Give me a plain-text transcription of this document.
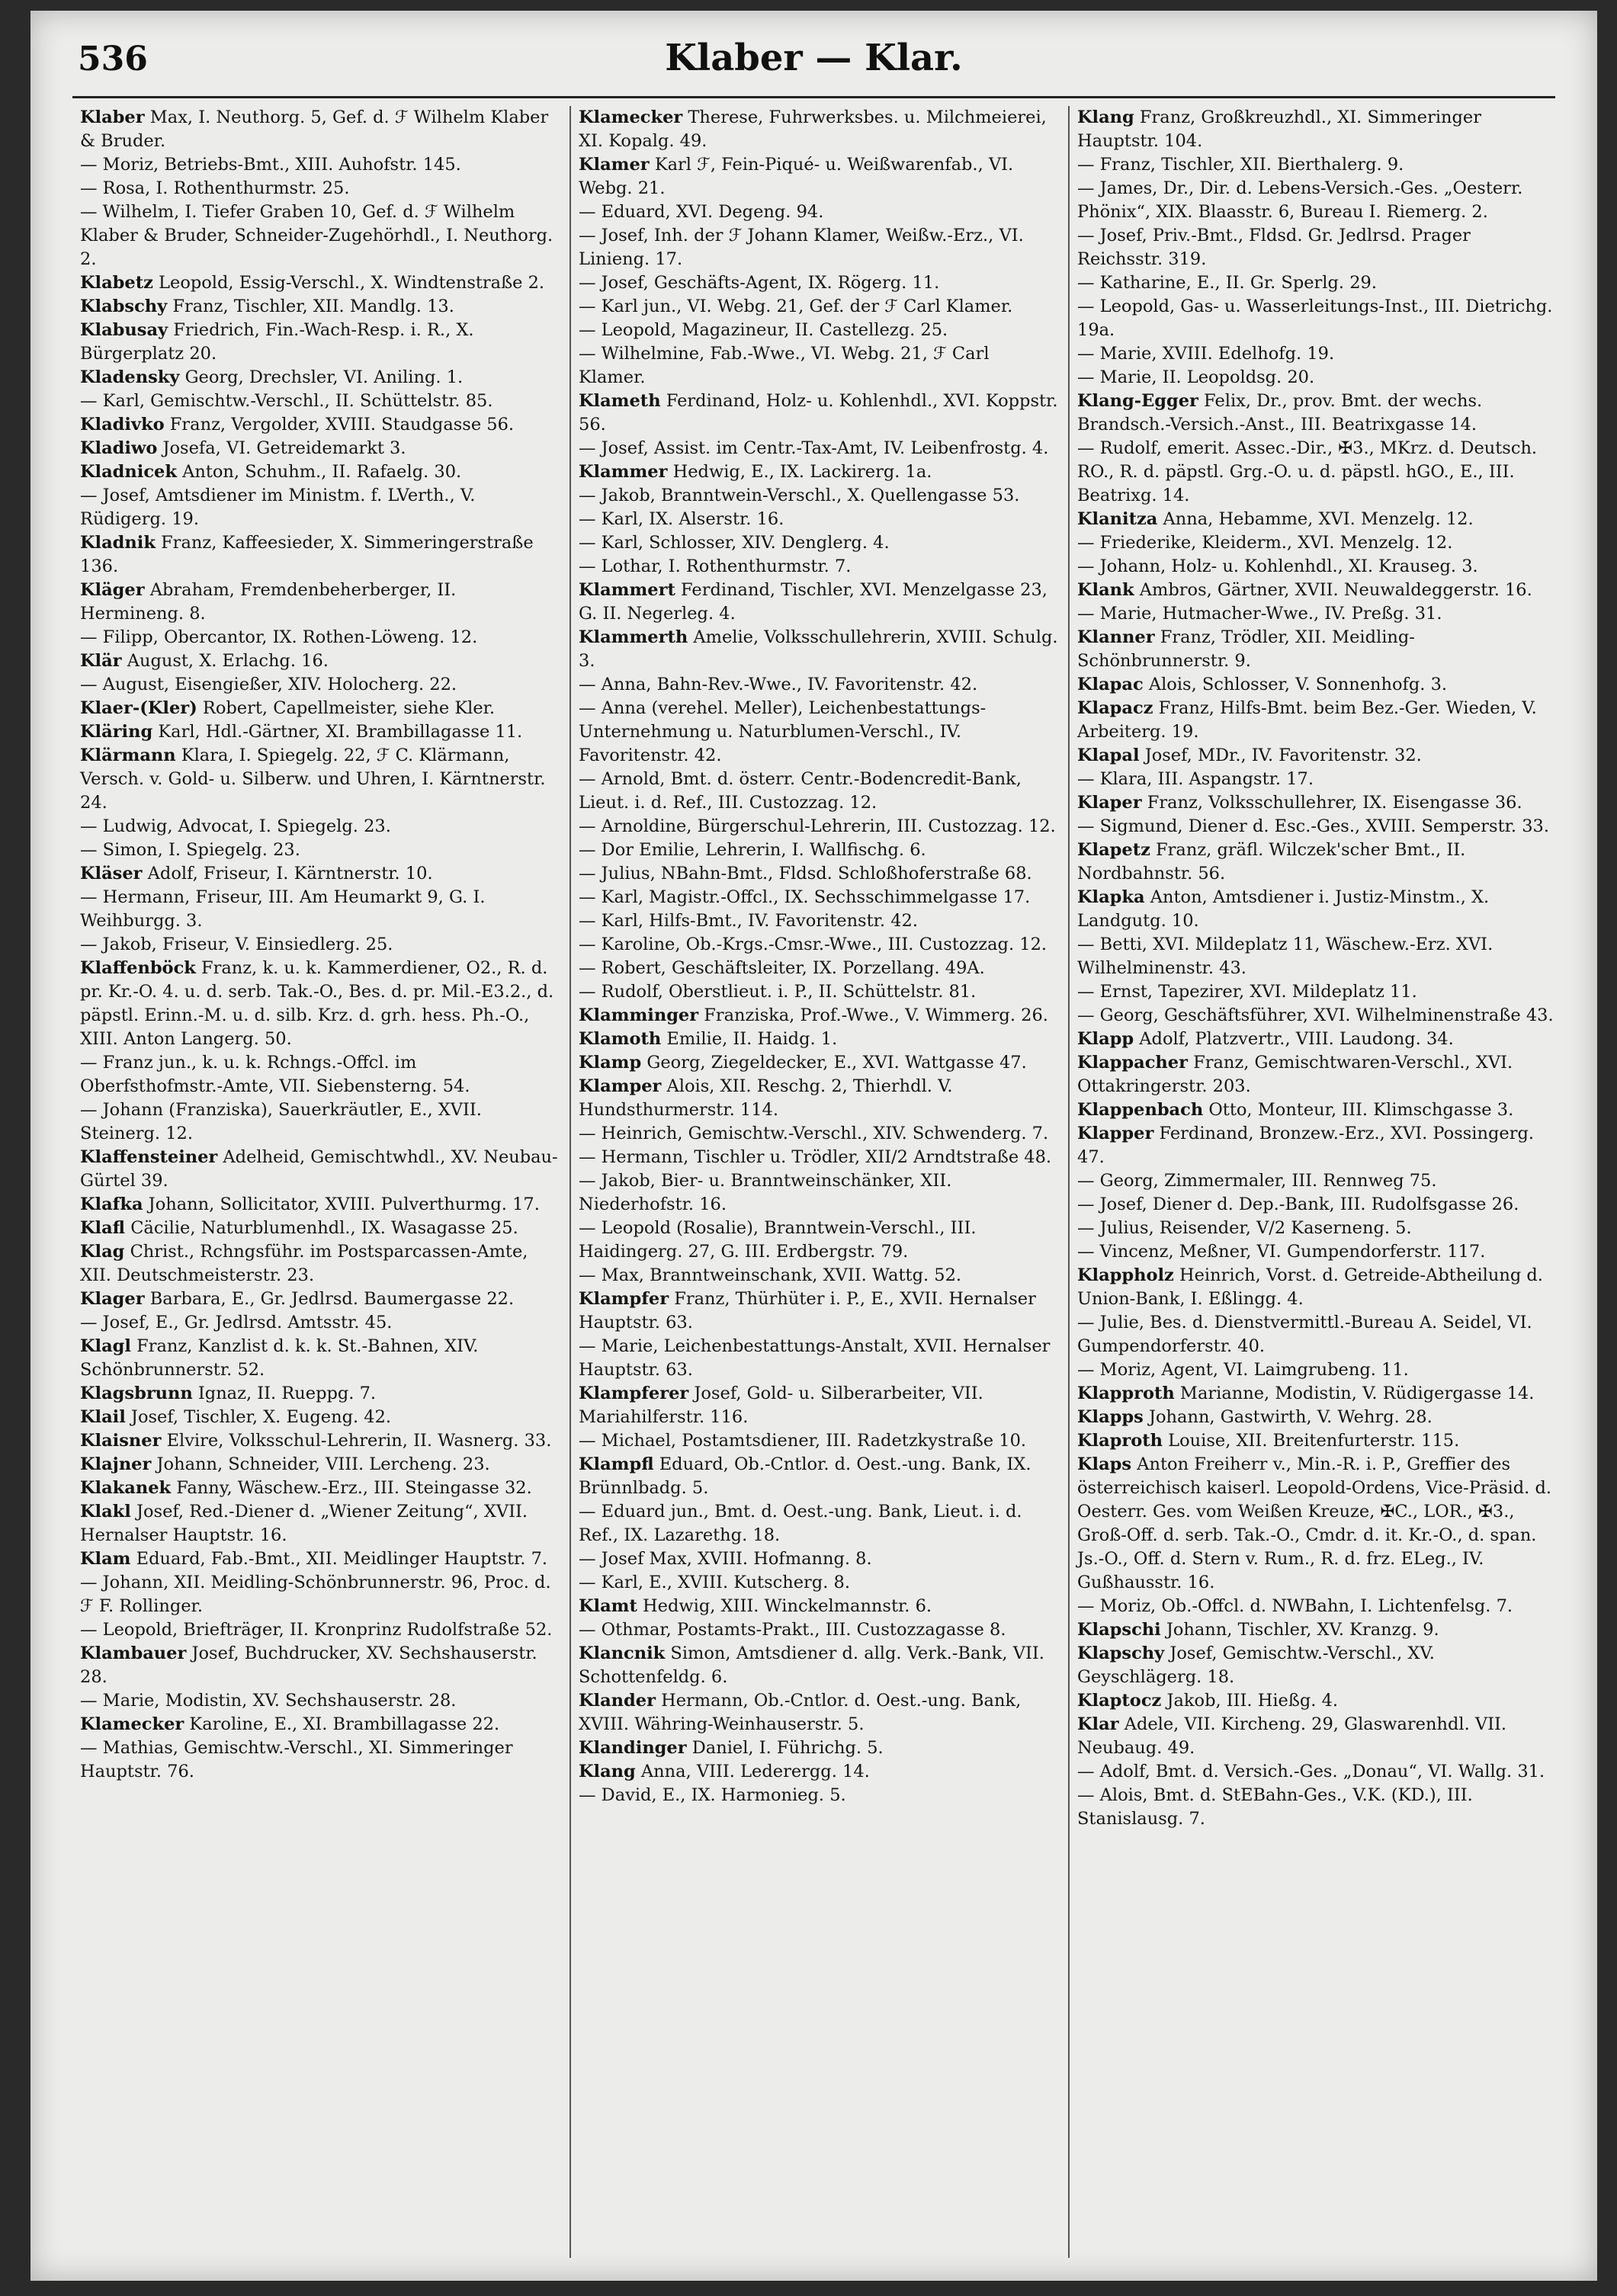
536	Klaber — Klar.

Klaber Max, I. Neuthorg. 5, Gef. d. ℱ Wilhelm Klaber & Bruder.

— Moriz, Betriebs-Bmt., XIII. Auhofstr. 145.

— Rosa, I. Rothenthurmstr. 25.

— Wilhelm, I. Tiefer Graben 10, Gef. d. ℱ Wilhelm Klaber & Bruder, Schneider-Zugehörhdl., I. Neuthorg. 2.

Klabetz Leopold, Essig-Verschl., X. Windtenstraße 2.

Klabschy Franz, Tischler, XII. Mandlg. 13.

Klabusay Friedrich, Fin.-Wach-Resp. i. R., X. Bürgerplatz 20.

Kladensky Georg, Drechsler, VI. Aniling. 1.

— Karl, Gemischtw.-Verschl., II. Schüttelstr. 85.

Kladivko Franz, Vergolder, XVIII. Staudgasse 56.

Kladiwo Josefa, VI. Getreidemarkt 3.

Kladnicek Anton, Schuhm., II. Rafaelg. 30.

— Josef, Amtsdiener im Ministm. f. LVerth., V. Rüdigerg. 19.

Kladnik Franz, Kaffeesieder, X. Simmeringerstraße 136.

Kläger Abraham, Fremdenbeherberger, II. Hermineng. 8.

— Filipp, Obercantor, IX. Rothen-Löweng. 12.

Klär August, X. Erlachg. 16.

— August, Eisengießer, XIV. Holocherg. 22.

Klaer-(Kler) Robert, Capellmeister, siehe Kler.

Kläring Karl, Hdl.-Gärtner, XI. Brambillagasse 11.

Klärmann Klara, I. Spiegelg. 22, ℱ C. Klärmann, Versch. v. Gold- u. Silberw. und Uhren, I. Kärntnerstr. 24.

— Ludwig, Advocat, I. Spiegelg. 23.

— Simon, I. Spiegelg. 23.

Kläser Adolf, Friseur, I. Kärntnerstr. 10.

— Hermann, Friseur, III. Am Heumarkt 9, G. I. Weihburgg. 3.

— Jakob, Friseur, V. Einsiedlerg. 25.

Klaffenböck Franz, k. u. k. Kammerdiener, O2., R. d. pr. Kr.-O. 4. u. d. serb. Tak.-O., Bes. d. pr. Mil.-E3.2., d. päpstl. Erinn.-M. u. d. silb. Krz. d. grh. hess. Ph.-O., XIII. Anton Langerg. 50.

— Franz jun., k. u. k. Rchngs.-Offcl. im Oberfsthofmstr.-Amte, VII. Siebensterng. 54.

— Johann (Franziska), Sauerkräutler, E., XVII. Steinerg. 12.

Klaffensteiner Adelheid, Gemischtwhdl., XV. Neubau-Gürtel 39.

Klafka Johann, Sollicitator, XVIII. Pulverthurmg. 17.

Klafl Cäcilie, Naturblumenhdl., IX. Wasagasse 25.

Klag Christ., Rchngsführ. im Postsparcassen-Amte, XII. Deutschmeisterstr. 23.

Klager Barbara, E., Gr. Jedlrsd. Baumergasse 22.

— Josef, E., Gr. Jedlrsd. Amtsstr. 45.

Klagl Franz, Kanzlist d. k. k. St.-Bahnen, XIV. Schönbrunnerstr. 52.

Klagsbrunn Ignaz, II. Rueppg. 7.

Klail Josef, Tischler, X. Eugeng. 42.

Klaisner Elvire, Volksschul-Lehrerin, II. Wasnerg. 33.

Klajner Johann, Schneider, VIII. Lercheng. 23.

Klakanek Fanny, Wäschew.-Erz., III. Steingasse 32.

Klakl Josef, Red.-Diener d. „Wiener Zeitung“, XVII. Hernalser Hauptstr. 16.

Klam Eduard, Fab.-Bmt., XII. Meidlinger Hauptstr. 7.

— Johann, XII. Meidling-Schönbrunnerstr. 96, Proc. d. ℱ F. Rollinger.

— Leopold, Briefträger, II. Kronprinz Rudolfstraße 52.

Klambauer Josef, Buchdrucker, XV. Sechshauserstr. 28.

— Marie, Modistin, XV. Sechshauserstr. 28.

Klamecker Karoline, E., XI. Brambillagasse 22.

— Mathias, Gemischtw.-Verschl., XI. Simmeringer Hauptstr. 76.

Klamecker Therese, Fuhrwerksbes. u. Milchmeierei, XI. Kopalg. 49.

Klamer Karl ℱ, Fein-Piqué- u. Weißwarenfab., VI. Webg. 21.

— Eduard, XVI. Degeng. 94.

— Josef, Inh. der ℱ Johann Klamer, Weißw.-Erz., VI. Linieng. 17.

— Josef, Geschäfts-Agent, IX. Rögerg. 11.

— Karl jun., VI. Webg. 21, Gef. der ℱ Carl Klamer.

— Leopold, Magazineur, II. Castellezg. 25.

— Wilhelmine, Fab.-Wwe., VI. Webg. 21, ℱ Carl Klamer.

Klameth Ferdinand, Holz- u. Kohlenhdl., XVI. Koppstr. 56.

— Josef, Assist. im Centr.-Tax-Amt, IV. Leibenfrostg. 4.

Klammer Hedwig, E., IX. Lackirerg. 1a.

— Jakob, Branntwein-Verschl., X. Quellengasse 53.

— Karl, IX. Alserstr. 16.

— Karl, Schlosser, XIV. Denglerg. 4.

— Lothar, I. Rothenthurmstr. 7.

Klammert Ferdinand, Tischler, XVI. Menzelgasse 23, G. II. Negerleg. 4.

Klammerth Amelie, Volksschullehrerin, XVIII. Schulg. 3.

— Anna, Bahn-Rev.-Wwe., IV. Favoritenstr. 42.

— Anna (verehel. Meller), Leichenbestattungs-Unternehmung u. Naturblumen-Verschl., IV. Favoritenstr. 42.

— Arnold, Bmt. d. österr. Centr.-Bodencredit-Bank, Lieut. i. d. Ref., III. Custozzag. 12.

— Arnoldine, Bürgerschul-Lehrerin, III. Custozzag. 12.

— Dor Emilie, Lehrerin, I. Wallfischg. 6.

— Julius, NBahn-Bmt., Fldsd. Schloßhoferstraße 68.

— Karl, Magistr.-Offcl., IX. Sechsschimmelgasse 17.

— Karl, Hilfs-Bmt., IV. Favoritenstr. 42.

— Karoline, Ob.-Krgs.-Cmsr.-Wwe., III. Custozzag. 12.

— Robert, Geschäftsleiter, IX. Porzellang. 49A.

— Rudolf, Oberstlieut. i. P., II. Schüttelstr. 81.

Klamminger Franziska, Prof.-Wwe., V. Wimmerg. 26.

Klamoth Emilie, II. Haidg. 1.

Klamp Georg, Ziegeldecker, E., XVI. Wattgasse 47.

Klamper Alois, XII. Reschg. 2, Thierhdl. V. Hundsthurmerstr. 114.

— Heinrich, Gemischtw.-Verschl., XIV. Schwenderg. 7.

— Hermann, Tischler u. Trödler, XII/2 Arndtstraße 48.

— Jakob, Bier- u. Branntweinschänker, XII. Niederhofstr. 16.

— Leopold (Rosalie), Branntwein-Verschl., III. Haidingerg. 27, G. III. Erdbergstr. 79.

— Max, Branntweinschank, XVII. Wattg. 52.

Klampfer Franz, Thürhüter i. P., E., XVII. Hernalser Hauptstr. 63.

— Marie, Leichenbestattungs-Anstalt, XVII. Hernalser Hauptstr. 63.

Klampferer Josef, Gold- u. Silberarbeiter, VII. Mariahilferstr. 116.

— Michael, Postamtsdiener, III. Radetzkystraße 10.

Klampfl Eduard, Ob.-Cntlor. d. Oest.-ung. Bank, IX. Brünnlbadg. 5.

— Eduard jun., Bmt. d. Oest.-ung. Bank, Lieut. i. d. Ref., IX. Lazarethg. 18.

— Josef Max, XVIII. Hofmanng. 8.

— Karl, E., XVIII. Kutscherg. 8.

Klamt Hedwig, XIII. Winckelmannstr. 6.

— Othmar, Postamts-Prakt., III. Custozzagasse 8.

Klancnik Simon, Amtsdiener d. allg. Verk.-Bank, VII. Schottenfeldg. 6.

Klander Hermann, Ob.-Cntlor. d. Oest.-ung. Bank, XVIII. Währing-Weinhauserstr. 5.

Klandinger Daniel, I. Führichg. 5.

Klang Anna, VIII. Lederergg. 14.

— David, E., IX. Harmonieg. 5.

Klang Franz, Großkreuzhdl., XI. Simmeringer Hauptstr. 104.

— Franz, Tischler, XII. Bierthalerg. 9.

— James, Dr., Dir. d. Lebens-Versich.-Ges. „Oesterr. Phönix“, XIX. Blaasstr. 6, Bureau I. Riemerg. 2.

— Josef, Priv.-Bmt., Fldsd. Gr. Jedlrsd. Prager Reichsstr. 319.

— Katharine, E., II. Gr. Sperlg. 29.

— Leopold, Gas- u. Wasserleitungs-Inst., III. Dietrichg. 19a.

— Marie, XVIII. Edelhofg. 19.

— Marie, II. Leopoldsg. 20.

Klang-Egger Felix, Dr., prov. Bmt. der wechs. Brandsch.-Versich.-Anst., III. Beatrixgasse 14.

— Rudolf, emerit. Assec.-Dir., ✠3., MKrz. d. Deutsch. RO., R. d. päpstl. Grg.-O. u. d. päpstl. hGO., E., III. Beatrixg. 14.

Klanitza Anna, Hebamme, XVI. Menzelg. 12.

— Friederike, Kleiderm., XVI. Menzelg. 12.

— Johann, Holz- u. Kohlenhdl., XI. Krauseg. 3.

Klank Ambros, Gärtner, XVII. Neuwaldeggerstr. 16.

— Marie, Hutmacher-Wwe., IV. Preßg. 31.

Klanner Franz, Trödler, XII. Meidling-Schönbrunnerstr. 9.

Klapac Alois, Schlosser, V. Sonnenhofg. 3.

Klapacz Franz, Hilfs-Bmt. beim Bez.-Ger. Wieden, V. Arbeiterg. 19.

Klapal Josef, MDr., IV. Favoritenstr. 32.

— Klara, III. Aspangstr. 17.

Klaper Franz, Volksschullehrer, IX. Eisengasse 36.

— Sigmund, Diener d. Esc.-Ges., XVIII. Semperstr. 33.

Klapetz Franz, gräfl. Wilczek'scher Bmt., II. Nordbahnstr. 56.

Klapka Anton, Amtsdiener i. Justiz-Minstm., X. Landgutg. 10.

— Betti, XVI. Mildeplatz 11, Wäschew.-Erz. XVI. Wilhelminenstr. 43.

— Ernst, Tapezirer, XVI. Mildeplatz 11.

— Georg, Geschäftsführer, XVI. Wilhelminenstraße 43.

Klapp Adolf, Platzvertr., VIII. Laudong. 34.

Klappacher Franz, Gemischtwaren-Verschl., XVI. Ottakringerstr. 203.

Klappenbach Otto, Monteur, III. Klimschgasse 3.

Klapper Ferdinand, Bronzew.-Erz., XVI. Possingerg. 47.

— Georg, Zimmermaler, III. Rennweg 75.

— Josef, Diener d. Dep.-Bank, III. Rudolfsgasse 26.

— Julius, Reisender, V/2 Kaserneng. 5.

— Vincenz, Meßner, VI. Gumpendorferstr. 117.

Klappholz Heinrich, Vorst. d. Getreide-Abtheilung d. Union-Bank, I. Eßlingg. 4.

— Julie, Bes. d. Dienstvermittl.-Bureau A. Seidel, VI. Gumpendorferstr. 40.

— Moriz, Agent, VI. Laimgrubeng. 11.

Klapproth Marianne, Modistin, V. Rüdigergasse 14.

Klapps Johann, Gastwirth, V. Wehrg. 28.

Klaproth Louise, XII. Breitenfurterstr. 115.

Klaps Anton Freiherr v., Min.-R. i. P., Greffier des österreichisch kaiserl. Leopold-Ordens, Vice-Präsid. d. Oesterr. Ges. vom Weißen Kreuze, ✠C., LOR., ✠3., Groß-Off. d. serb. Tak.-O., Cmdr. d. it. Kr.-O., d. span. Js.-O., Off. d. Stern v. Rum., R. d. frz. ELeg., IV. Gußhausstr. 16.

— Moriz, Ob.-Offcl. d. NWBahn, I. Lichtenfelsg. 7.

Klapschi Johann, Tischler, XV. Kranzg. 9.

Klapschy Josef, Gemischtw.-Verschl., XV. Geyschlägerg. 18.

Klaptocz Jakob, III. Hießg. 4.

Klar Adele, VII. Kircheng. 29, Glaswarenhdl. VII. Neubaug. 49.

— Adolf, Bmt. d. Versich.-Ges. „Donau“, VI. Wallg. 31.

— Alois, Bmt. d. StEBahn-Ges., V.K. (KD.), III. Stanislausg. 7.
